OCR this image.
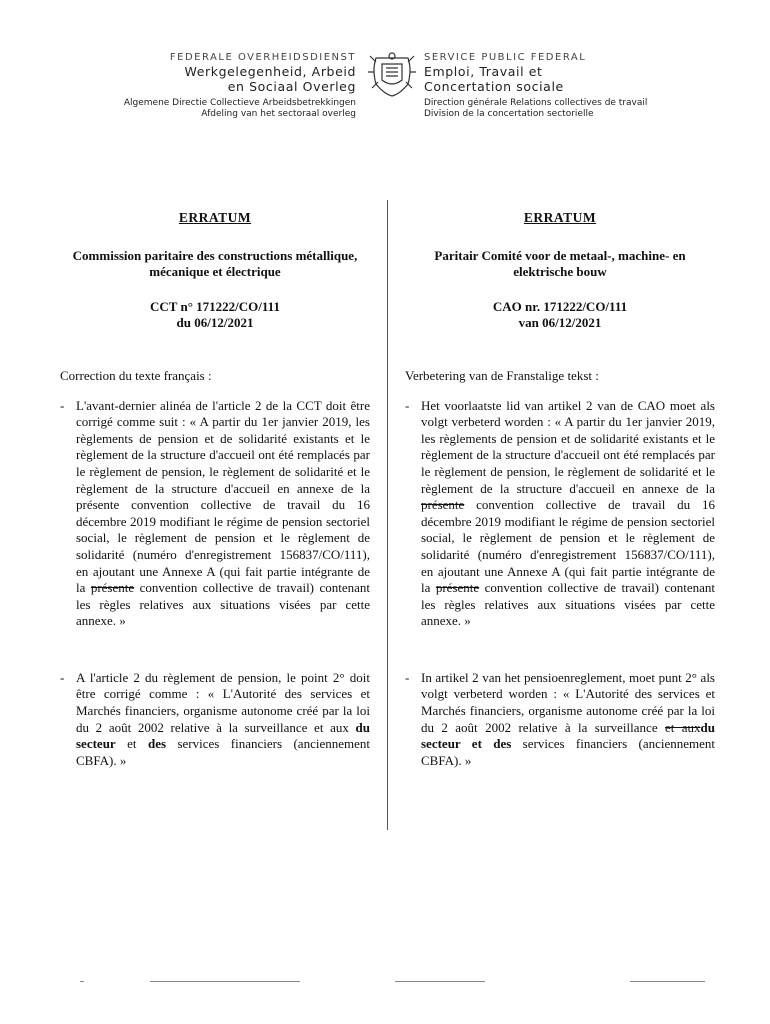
FEDERALE OVERHEIDSDIENST
Werkgelegenheid, Arbeid
en Sociaal Overleg
Algemene Directie Collectieve Arbeidsbetrekkingen
Afdeling van het sectoraal overleg
SERVICE PUBLIC FEDERAL
Emploi, Travail et
Concertation sociale
Direction générale Relations collectives de travail
Division de la concertation sectorielle
ERRATUM
Commission paritaire des constructions métallique, mécanique et électrique
CCT n° 171222/CO/111
du 06/12/2021
Correction du texte français :
- L'avant-dernier alinéa de l'article 2 de la CCT doit être corrigé comme suit : « A partir du 1er janvier 2019, les règlements de pension et de solidarité existants et le règlement de la structure d'accueil ont été remplacés par le règlement de pension, le règlement de solidarité et le règlement de la structure d'accueil en annexe de la présente convention collective de travail du 16 décembre 2019 modifiant le régime de pension sectoriel social, le règlement de pension et le règlement de solidarité (numéro d'enregistrement 156837/CO/111), en ajoutant une Annexe A (qui fait partie intégrante de la présente convention collective de travail) contenant les règles relatives aux situations visées par cette annexe. »
- A l'article 2 du règlement de pension, le point 2° doit être corrigé comme : « L'Autorité des services et Marchés financiers, organisme autonome créé par la loi du 2 août 2002 relative à la surveillance et aux du secteur et des services financiers (anciennement CBFA). »
ERRATUM
Paritair Comité voor de metaal-, machine- en elektrische bouw
CAO nr. 171222/CO/111
van 06/12/2021
Verbetering van de Franstalige tekst :
- Het voorlaatste lid van artikel 2 van de CAO moet als volgt verbeterd worden : « A partir du 1er janvier 2019, les règlements de pension et de solidarité existants et le règlement de la structure d'accueil ont été remplacés par le règlement de pension, le règlement de solidarité et le règlement de la structure d'accueil en annexe de la présente convention collective de travail du 16 décembre 2019 modifiant le régime de pension sectoriel social, le règlement de pension et le règlement de solidarité (numéro d'enregistrement 156837/CO/111), en ajoutant une Annexe A (qui fait partie intégrante de la présente convention collective de travail) contenant les règles relatives aux situations visées par cette annexe. »
- In artikel 2 van het pensioenreglement, moet punt 2° als volgt verbeterd worden : « L'Autorité des services et Marchés financiers, organisme autonome créé par la loi du 2 août 2002 relative à la surveillance et auxdu secteur et des services financiers (anciennement CBFA). »
